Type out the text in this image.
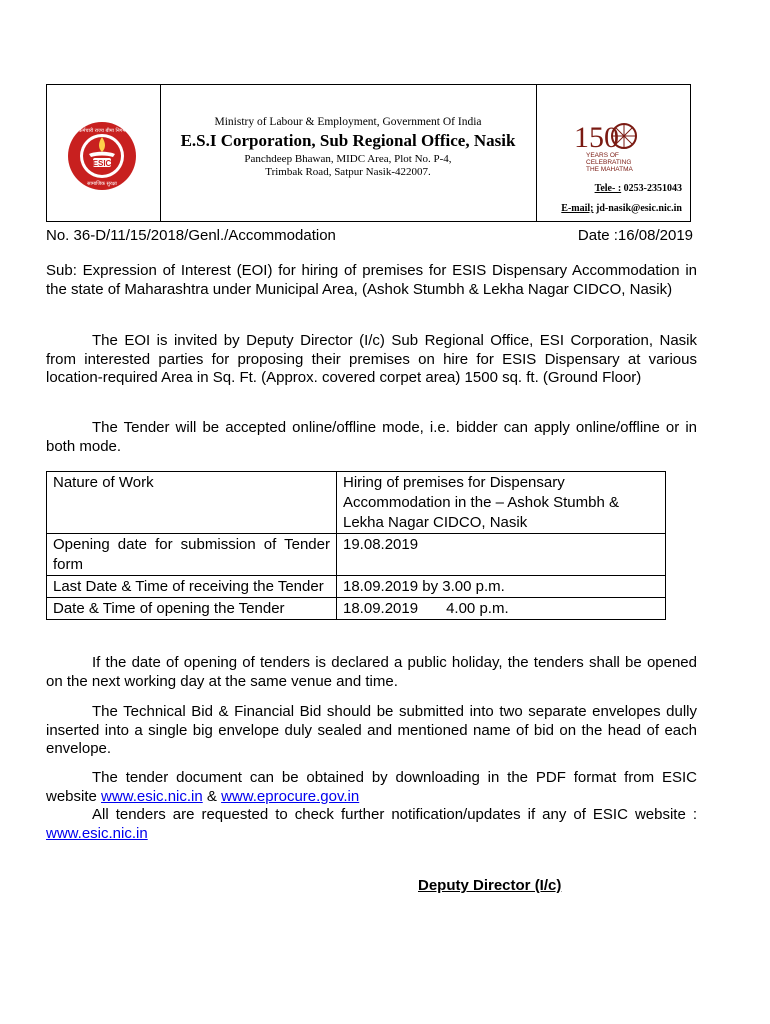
ESIC
कर्मचारी राज्य बीमा निगम
सामाजिक सुरक्षा
Ministry of Labour & Employment, Government Of India
E.S.I Corporation, Sub Regional Office, Nasik
Panchdeep Bhawan, MIDC Area, Plot No. P-4,
Trimbak Road, Satpur Nasik-422007.
150
YEARS OF
CELEBRATING
THE MAHATMA
Tele- : 0253-2351043
E-mail; jd-nasik@esic.nic.in
No. 36-D/11/15/2018/Genl./Accommodation	Date :16/08/2019
Sub: Expression of Interest (EOI) for hiring of premises for ESIS Dispensary Accommodation in the state of Maharashtra under Municipal Area, (Ashok Stumbh & Lekha Nagar CIDCO, Nasik)
The EOI is invited by Deputy Director (I/c) Sub Regional Office, ESI Corporation, Nasik from interested parties for proposing their premises on hire for ESIS Dispensary at various location-required Area in Sq. Ft. (Approx. covered corpet area) 1500 sq. ft. (Ground Floor)
The Tender will be accepted online/offline mode, i.e. bidder can apply online/offline or in both mode.
Nature of Work	Hiring of premises for Dispensary Accommodation in the – Ashok Stumbh & Lekha Nagar CIDCO, Nasik
Opening date for submission of Tender form	19.08.2019
Last Date & Time of receiving the Tender	18.09.2019 by 3.00 p.m.
Date & Time of opening the Tender	18.09.2019 4.00 p.m.
If the date of opening of tenders is declared a public holiday, the tenders shall be opened on the next working day at the same venue and time.
The Technical Bid & Financial Bid should be submitted into two separate envelopes dully inserted into a single big envelope duly sealed and mentioned name of bid on the head of each envelope.
The tender document can be obtained by downloading in the PDF format from ESIC website www.esic.nic.in & www.eprocure.gov.in
All tenders are requested to check further notification/updates if any of ESIC website : www.esic.nic.in
Deputy Director (I/c)
